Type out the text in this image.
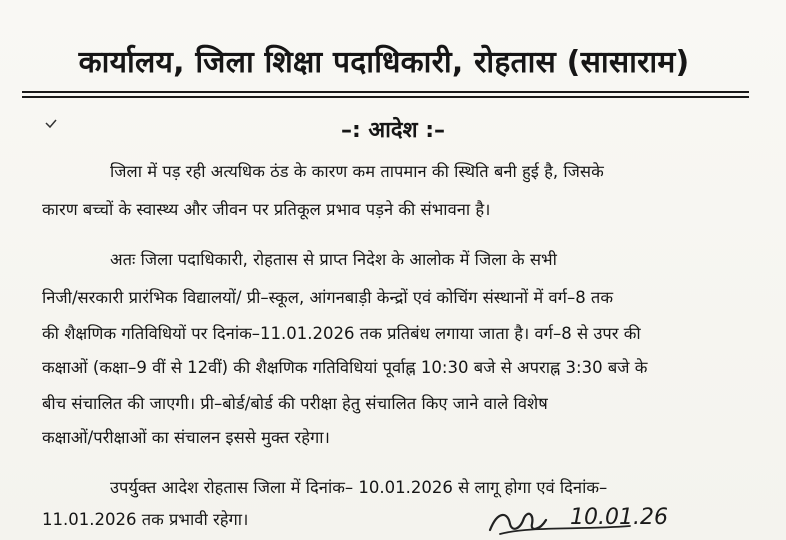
कार्यालय, जिला शिक्षा पदाधिकारी, रोहतास (सासाराम)
–: आदेश :–
जिला में पड़ रही अत्यधिक ठंड के कारण कम तापमान की स्थिति बनी हुई है, जिसके
कारण बच्चों के स्वास्थ्य और जीवन पर प्रतिकूल प्रभाव पड़ने की संभावना है।
अतः जिला पदाधिकारी, रोहतास से प्राप्त निदेश के आलोक में जिला के सभी
निजी/सरकारी प्रारंभिक विद्यालयों/ प्री–स्कूल, आंगनबाड़ी केन्द्रों एवं कोचिंग संस्थानों में वर्ग–8 तक
की शैक्षणिक गतिविधियों पर दिनांक–11.01.2026 तक प्रतिबंध लगाया जाता है। वर्ग–8 से उपर की
कक्षाओं (कक्षा–9 वीं से 12वीं) की शैक्षणिक गतिविधियां पूर्वाह्न 10:30 बजे से अपराह्न 3:30 बजे के
बीच संचालित की जाएगी। प्री–बोर्ड/बोर्ड की परीक्षा हेतु संचालित किए जाने वाले विशेष
कक्षाओं/परीक्षाओं का संचालन इससे मुक्त रहेगा।
उपर्युक्त आदेश रोहतास जिला में दिनांक– 10.01.2026 से लागू होगा एवं दिनांक–
11.01.2026 तक प्रभावी रहेगा।	10.01.26
